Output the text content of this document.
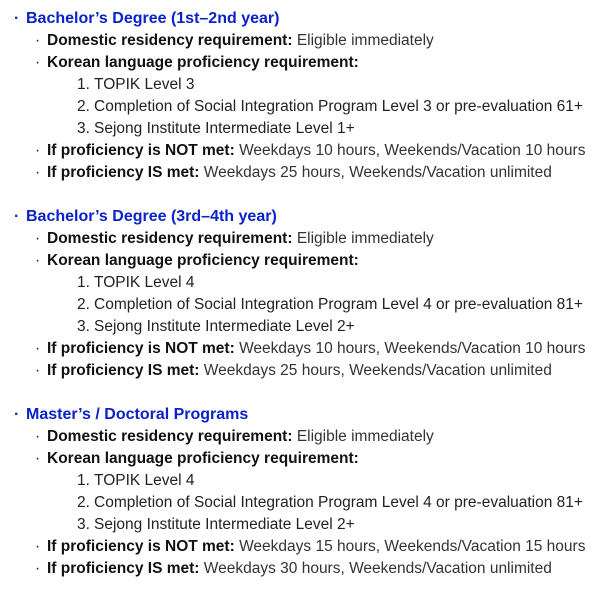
· Bachelor’s Degree (1st–2nd year)
· Domestic residency requirement: Eligible immediately
· Korean language proficiency requirement:
1. TOPIK Level 3
2. Completion of Social Integration Program Level 3 or pre-evaluation 61+
3. Sejong Institute Intermediate Level 1+
· If proficiency is NOT met: Weekdays 10 hours, Weekends/Vacation 10 hours
· If proficiency IS met: Weekdays 25 hours, Weekends/Vacation unlimited
· Bachelor’s Degree (3rd–4th year)
· Domestic residency requirement: Eligible immediately
· Korean language proficiency requirement:
1. TOPIK Level 4
2. Completion of Social Integration Program Level 4 or pre-evaluation 81+
3. Sejong Institute Intermediate Level 2+
· If proficiency is NOT met: Weekdays 10 hours, Weekends/Vacation 10 hours
· If proficiency IS met: Weekdays 25 hours, Weekends/Vacation unlimited
· Master’s / Doctoral Programs
· Domestic residency requirement: Eligible immediately
· Korean language proficiency requirement:
1. TOPIK Level 4
2. Completion of Social Integration Program Level 4 or pre-evaluation 81+
3. Sejong Institute Intermediate Level 2+
· If proficiency is NOT met: Weekdays 15 hours, Weekends/Vacation 15 hours
· If proficiency IS met: Weekdays 30 hours, Weekends/Vacation unlimited
